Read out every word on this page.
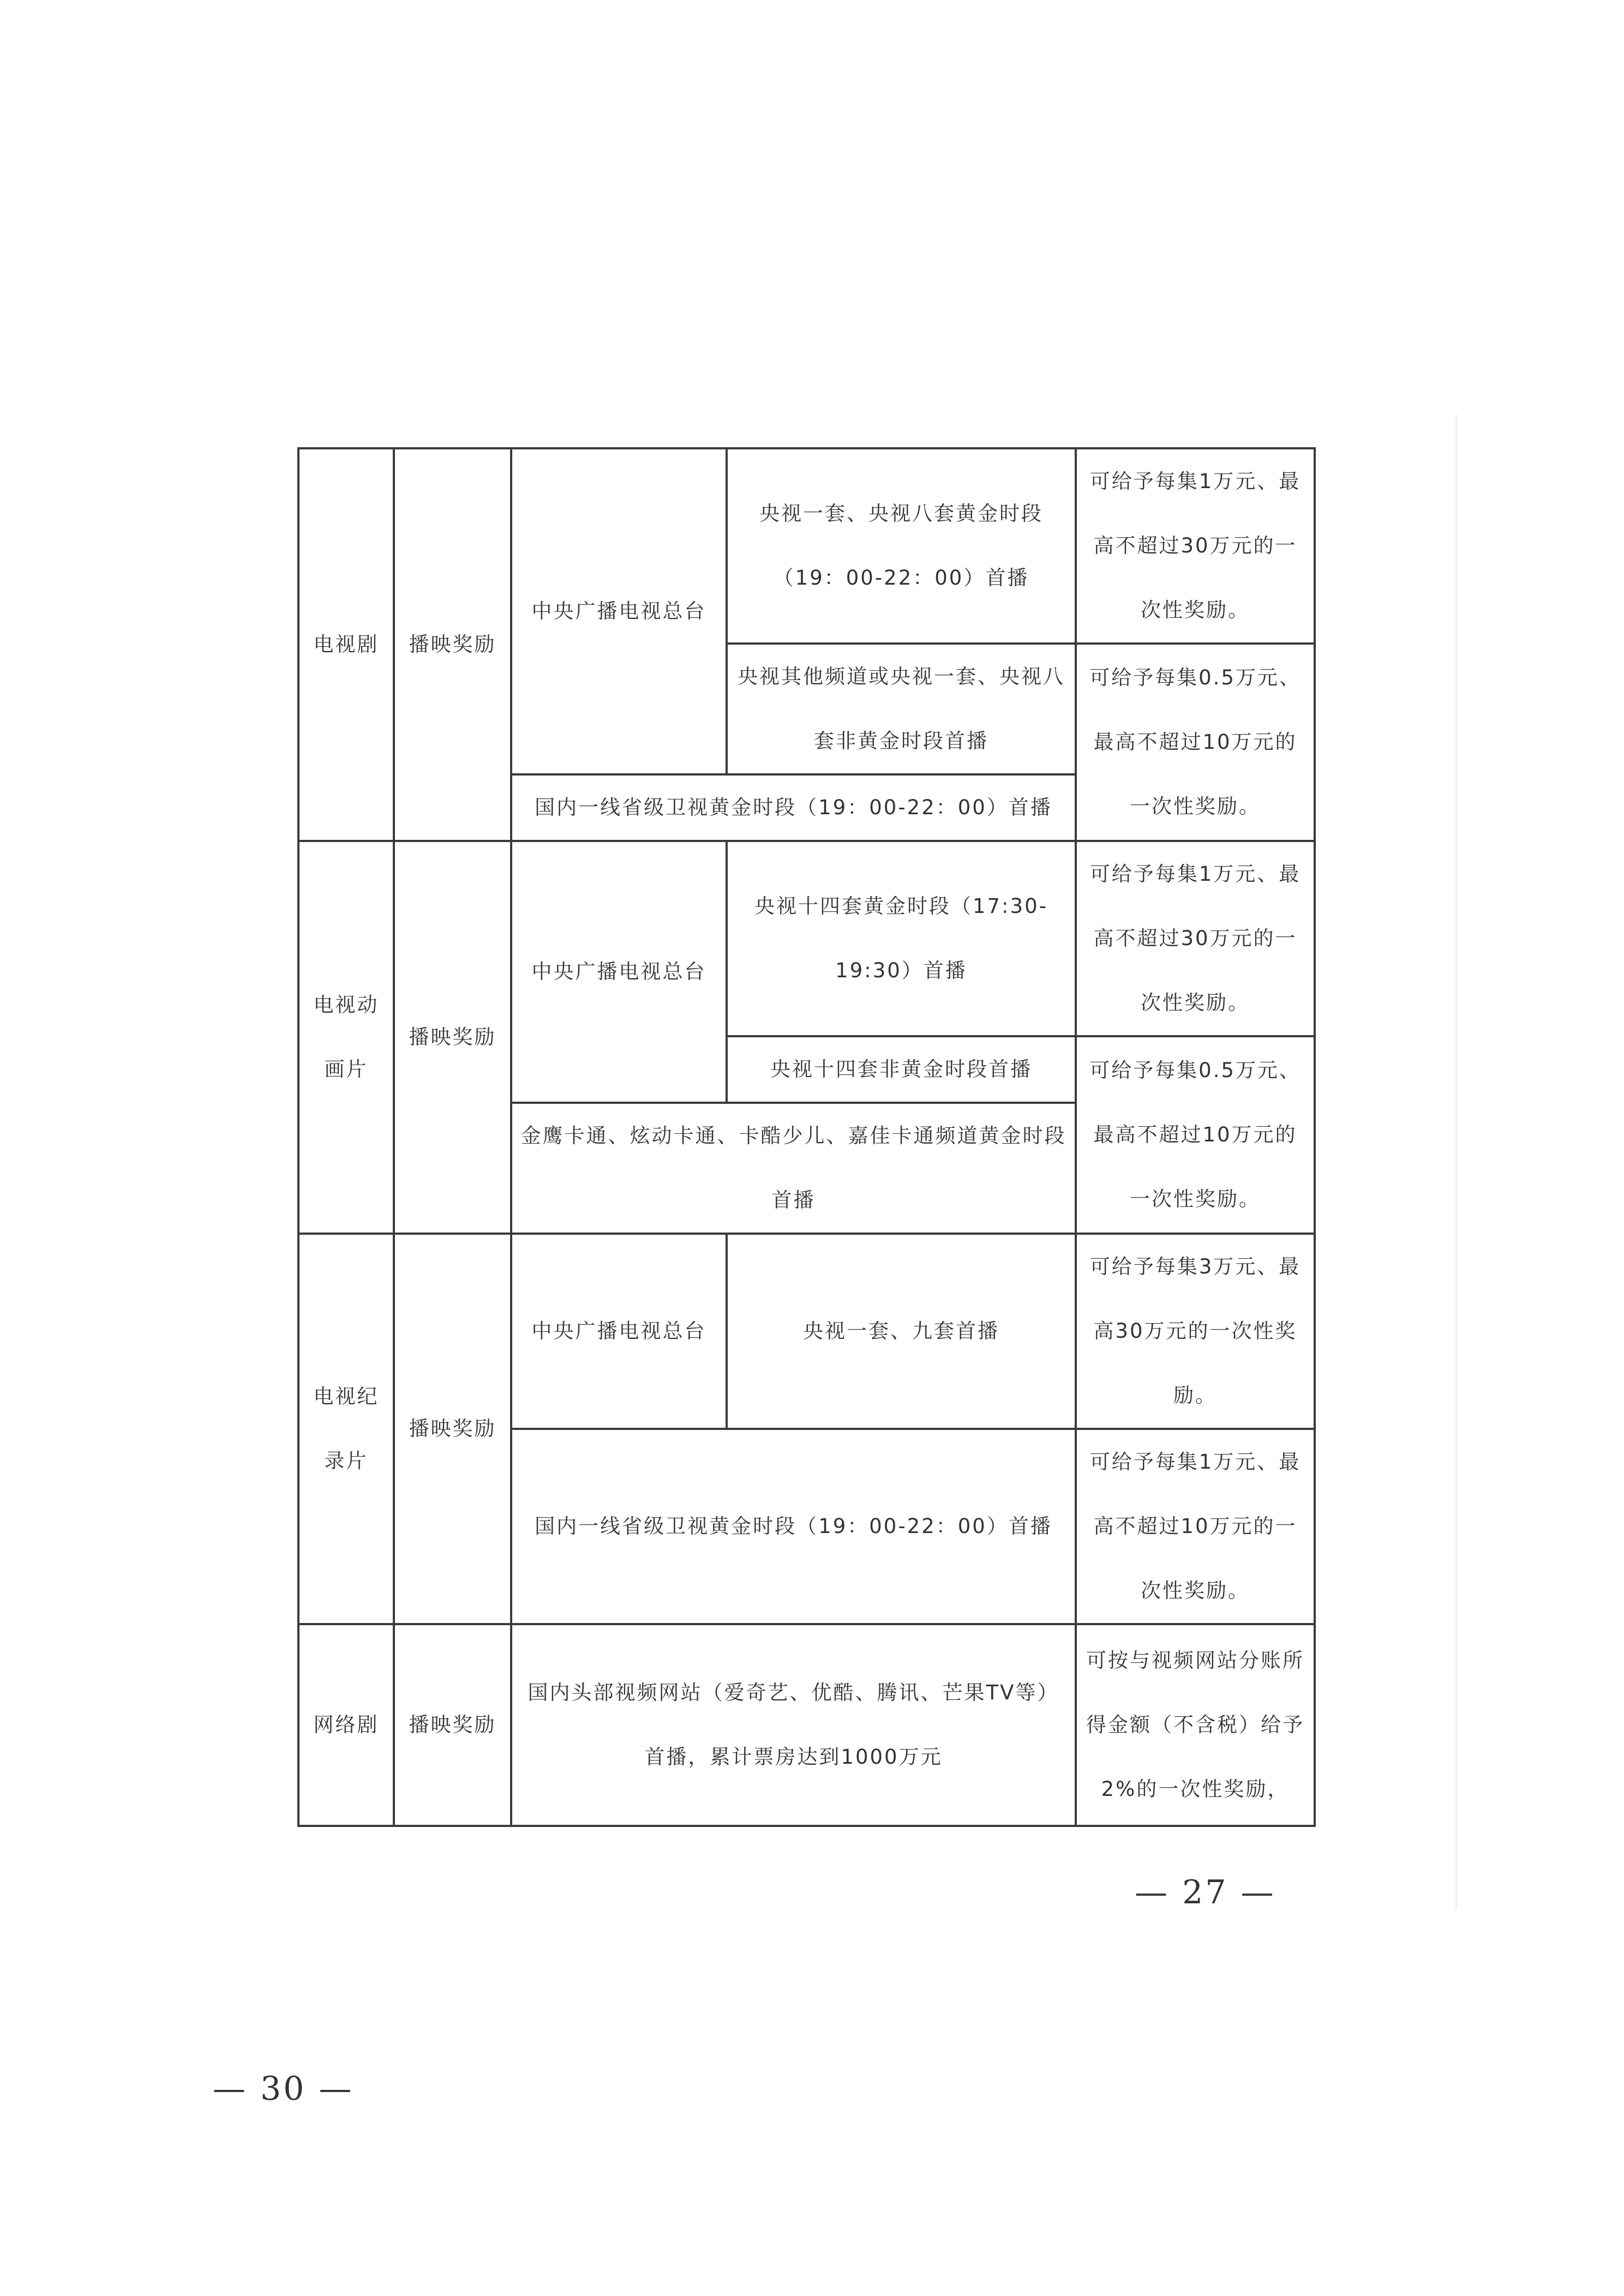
电视剧	播映奖励	中央广播电视总台	央视一套、央视八套黄金时段（19：00-22：00）首播	可给予每集1万元、最高不超过30万元的一次性奖励。
			央视其他频道或央视一套、央视八套非黄金时段首播	可给予每集0.5万元、最高不超过10万元的一次性奖励。
		国内一线省级卫视黄金时段（19：00-22：00）首播		
电视动画片	播映奖励	中央广播电视总台	央视十四套黄金时段（17:30-19:30）首播	可给予每集1万元、最高不超过30万元的一次性奖励。
			央视十四套非黄金时段首播	可给予每集0.5万元、最高不超过10万元的一次性奖励。
		金鹰卡通、炫动卡通、卡酷少儿、嘉佳卡通频道黄金时段首播		
电视纪录片	播映奖励	中央广播电视总台	央视一套、九套首播	可给予每集3万元、最高30万元的一次性奖励。
		国内一线省级卫视黄金时段（19：00-22：00）首播		可给予每集1万元、最高不超过10万元的一次性奖励。
网络剧	播映奖励	国内头部视频网站（爱奇艺、优酷、腾讯、芒果TV等）首播，累计票房达到1000万元		可按与视频网站分账所得金额（不含税）给予2%的一次性奖励，
— 27 —
— 30 —
